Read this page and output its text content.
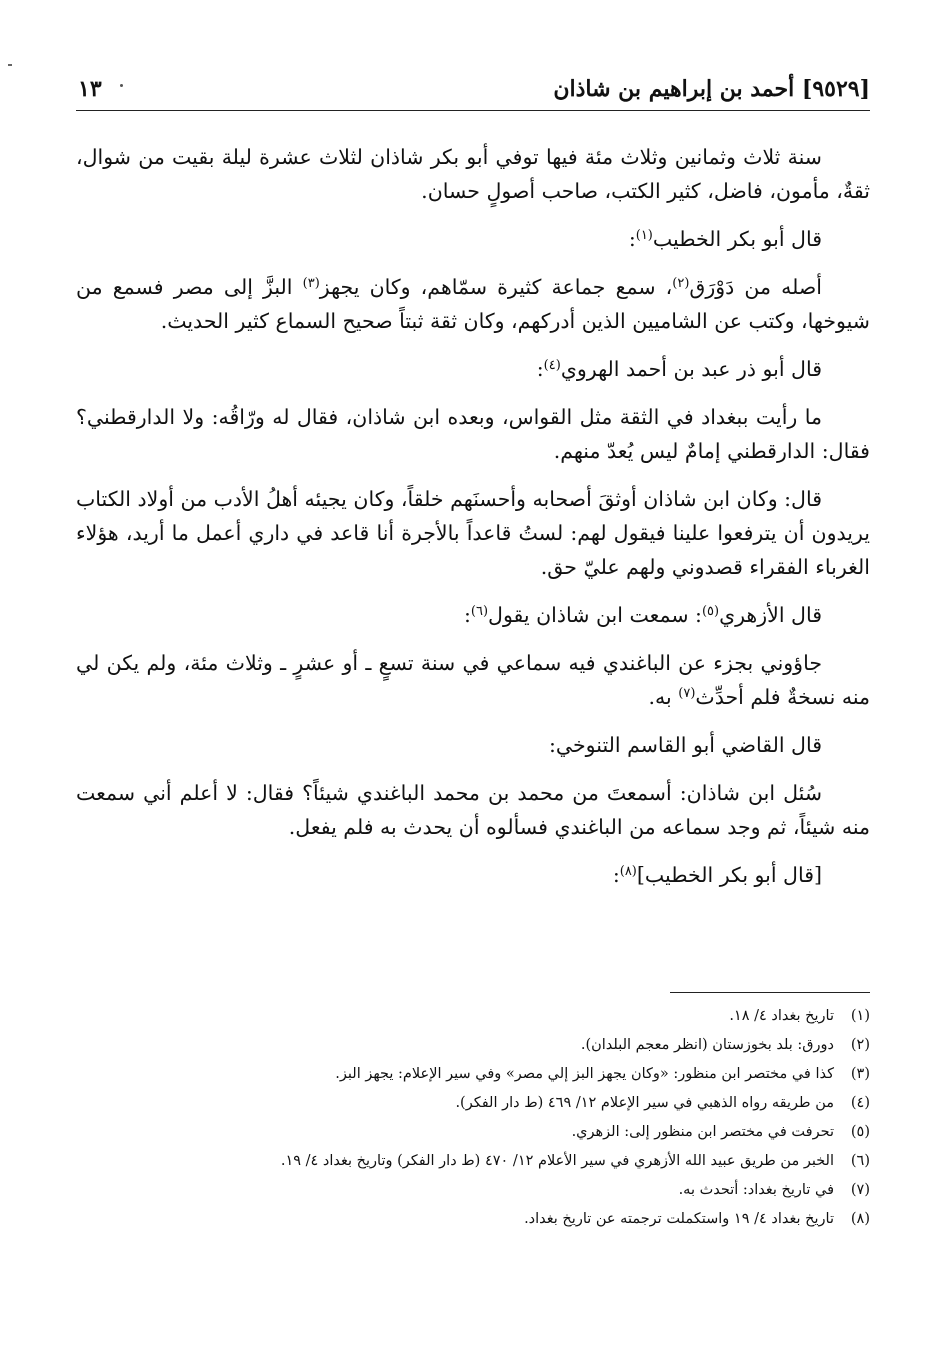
[٩٥٢٩] أحمد بن إبراهيم بن شاذان
١٣

سنة ثلاث وثمانين وثلاث مئة فيها توفي أبو بكر شاذان لثلاث عشرة ليلة بقيت من شوال، ثقةٌ، مأمون، فاضل، كثير الكتب، صاحب أصولٍ حسان.

قال أبو بكر الخطيب$^{(١)}$:

أصله من دَوْرَق$^{(٢)}$، سمع جماعة كثيرة سمّاهم، وكان يجهز$^{(٣)}$ البزَّ إلى مصر فسمع من شيوخها، وكتب عن الشاميين الذين أدركهم، وكان ثقة ثبتاً صحيح السماع كثير الحديث.

قال أبو ذر عبد بن أحمد الهروي$^{(٤)}$:

ما رأيت ببغداد في الثقة مثل القواس، وبعده ابن شاذان، فقال له ورّاقُه: ولا الدارقطني؟ فقال: الدارقطني إمامٌ ليس يُعدّ منهم.

قال: وكان ابن شاذان أوثقَ أصحابه وأحسنَهم خلقاً، وكان يجيئه أهلُ الأدب من أولاد الكتاب يريدون أن يترفعوا علينا فيقول لهم: لستُ قاعداً بالأجرة أنا قاعد في داري أعمل ما أريد، هؤلاء الغرباء الفقراء قصدوني ولهم عليّ حق.

قال الأزهري$^{(٥)}$: سمعت ابن شاذان يقول$^{(٦)}$:

جاؤوني بجزء عن الباغندي فيه سماعي في سنة تسعٍ ـ أو عشرٍ ـ وثلاث مئة، ولم يكن لي منه نسخةٌ فلم أحدِّث$^{(٧)}$ به.

قال القاضي أبو القاسم التنوخي:

سُئل ابن شاذان: أسمعتَ من محمد بن محمد الباغندي شيئاً؟ فقال: لا أعلم أني سمعت منه شيئاً، ثم وجد سماعه من الباغندي فسألوه أن يحدث به فلم يفعل.

[قال أبو بكر الخطيب]$^{(٨)}$:

(١)
تاريخ بغداد ٤/ ١٨.
(٢)
دورق: بلد بخوزستان (انظر معجم البلدان).
(٣)
كذا في مختصر ابن منظور: «وكان يجهز البز إلي مصر» وفي سير الإعلام: يجهز البز.
(٤)
من طريقه رواه الذهبي في سير الإعلام ١٢/ ٤٦٩ (ط دار الفكر).
(٥)
تحرفت في مختصر ابن منظور إلى: الزهري.
(٦)
الخبر من طريق عبيد الله الأزهري في سير الأعلام ١٢/ ٤٧٠ (ط دار الفكر) وتاريخ بغداد ٤/ ١٩.
(٧)
في تاريخ بغداد: أتحدث به.
(٨)
تاريخ بغداد ٤/ ١٩ واستكملت ترجمته عن تاريخ بغداد.
